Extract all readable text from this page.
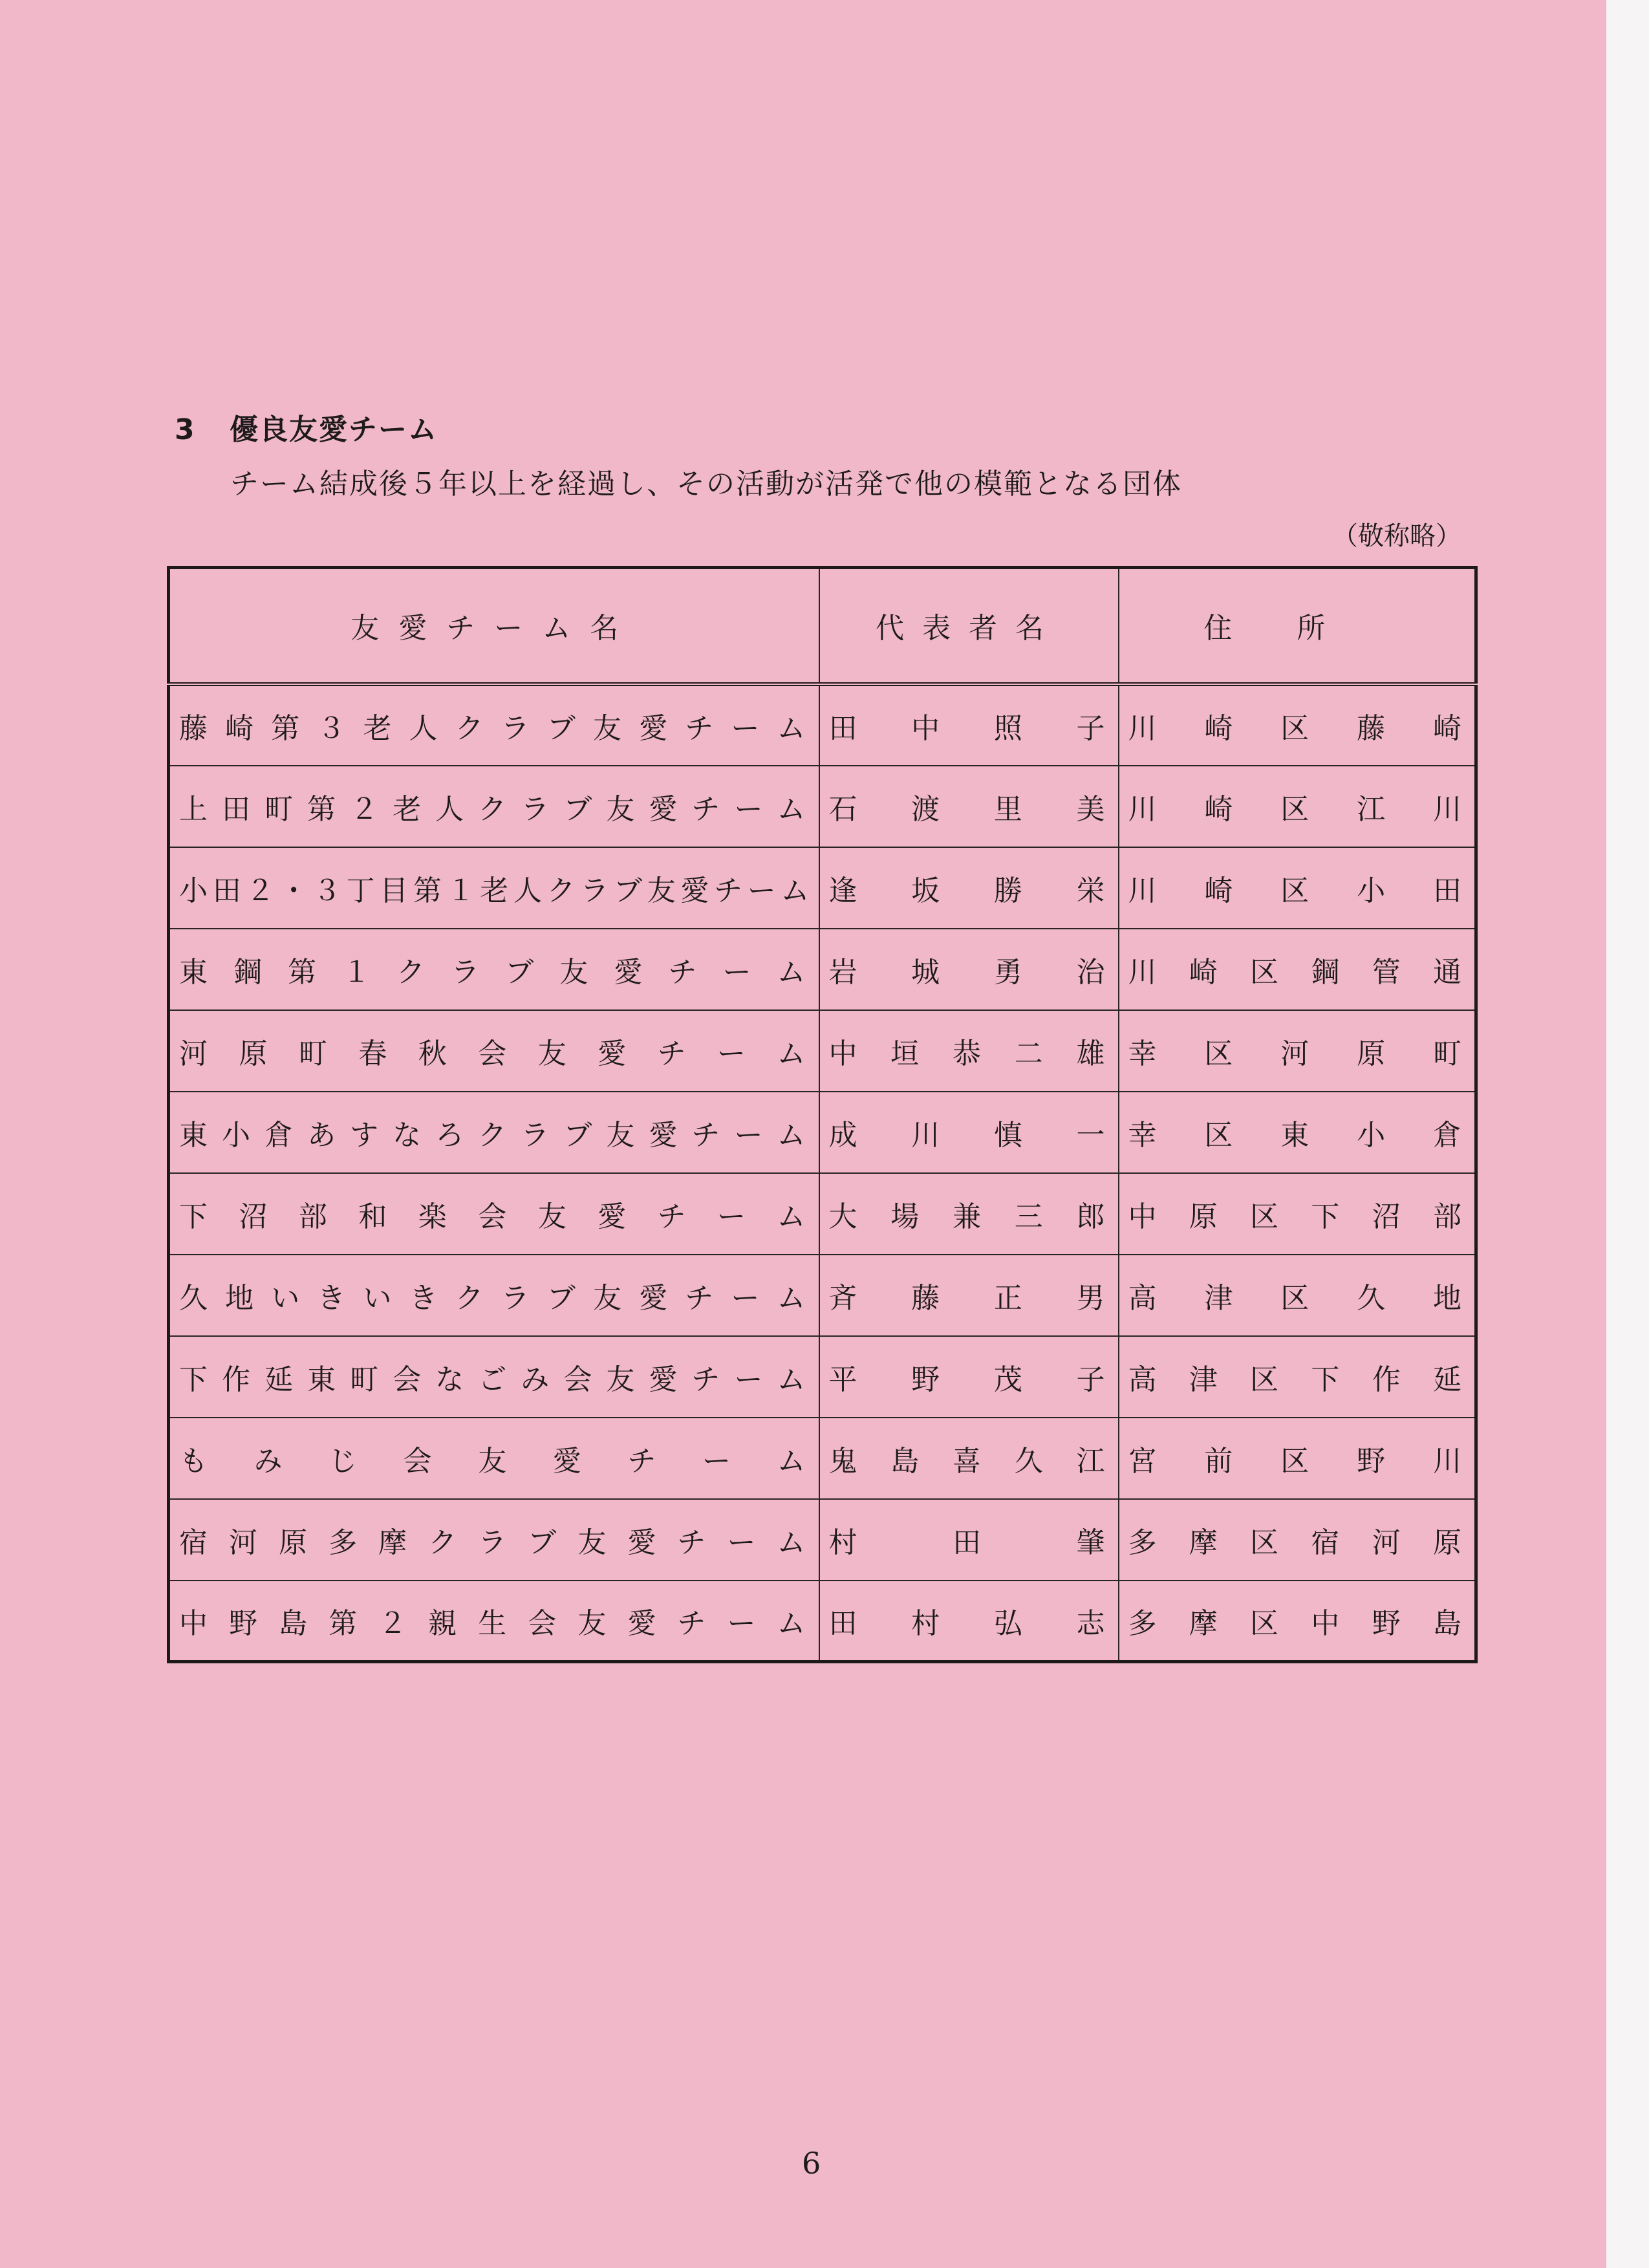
3 優良友愛チーム
チーム結成後５年以上を経過し、その活動が活発で他の模範となる団体
（敬称略）
友愛チーム名	代表者名	住所
藤崎第３老人クラブ友愛チーム	田中照子	川崎区藤崎
上田町第２老人クラブ友愛チーム	石渡里美	川崎区江川
小田２・３丁目第１老人クラブ友愛チーム	逢坂勝栄	川崎区小田
東鋼第１クラブ友愛チーム	岩城勇治	川崎区鋼管通
河原町春秋会友愛チーム	中垣恭二雄	幸区河原町
東小倉あすなろクラブ友愛チーム	成川慎一	幸区東小倉
下沼部和楽会友愛チーム	大場兼三郎	中原区下沼部
久地いきいきクラブ友愛チーム	斉藤正男	高津区久地
下作延東町会なごみ会友愛チーム	平野茂子	高津区下作延
もみじ会友愛チーム	鬼島喜久江	宮前区野川
宿河原多摩クラブ友愛チーム	村田肇	多摩区宿河原
中野島第２親生会友愛チーム	田村弘志	多摩区中野島
6
